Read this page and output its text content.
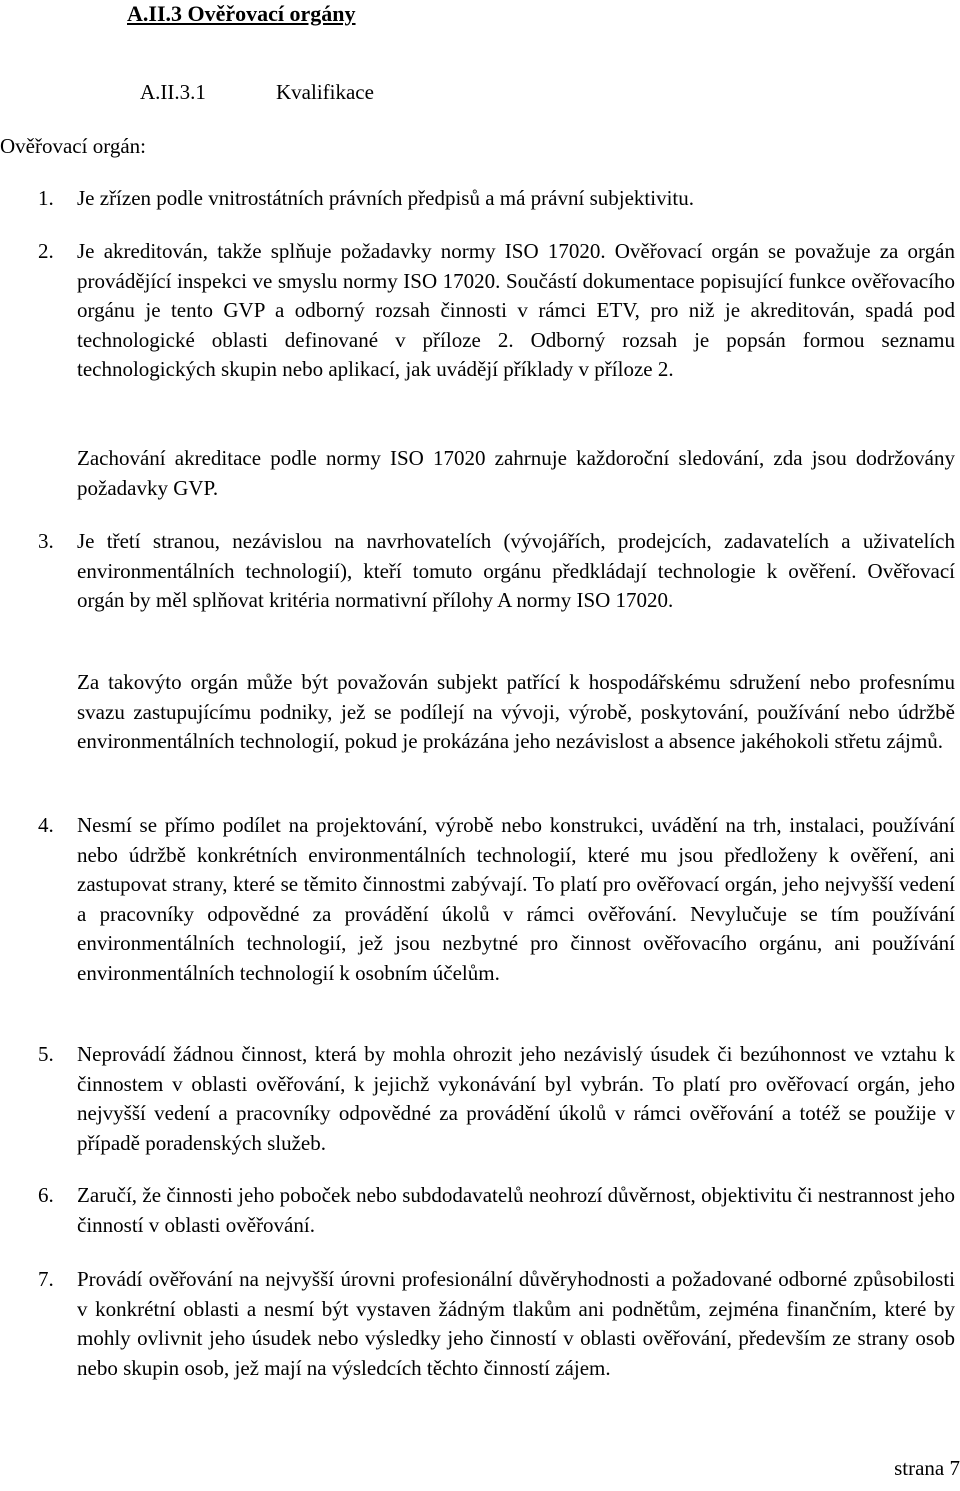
A.II.3 Ověřovací orgány
A.II.3.1	Kvalifikace
Ověřovací orgán:
1. Je zřízen podle vnitrostátních právních předpisů a má právní subjektivitu.
2. Je akreditován, takže splňuje požadavky normy ISO 17020. Ověřovací orgán se považuje za orgán provádějící inspekci ve smyslu normy ISO 17020. Součástí dokumentace popisující funkce ověřovacího orgánu je tento GVP a odborný rozsah činnosti v rámci ETV, pro niž je akreditován, spadá pod technologické oblasti definované v příloze 2. Odborný rozsah je popsán formou seznamu technologických skupin nebo aplikací, jak uvádějí příklady v příloze 2.
Zachování akreditace podle normy ISO 17020 zahrnuje každoroční sledování, zda jsou dodržovány požadavky GVP.
3. Je třetí stranou, nezávislou na navrhovatelích (vývojářích, prodejcích, zadavatelích a uživatelích environmentálních technologií), kteří tomuto orgánu předkládají technologie k ověření. Ověřovací orgán by měl splňovat kritéria normativní přílohy A normy ISO 17020.
Za takovýto orgán může být považován subjekt patřící k hospodářskému sdružení nebo profesnímu svazu zastupujícímu podniky, jež se podílejí na vývoji, výrobě, poskytování, používání nebo údržbě environmentálních technologií, pokud je prokázána jeho nezávislost a absence jakéhokoli střetu zájmů.
4. Nesmí se přímo podílet na projektování, výrobě nebo konstrukci, uvádění na trh, instalaci, používání nebo údržbě konkrétních environmentálních technologií, které mu jsou předloženy k ověření, ani zastupovat strany, které se těmito činnostmi zabývají. To platí pro ověřovací orgán, jeho nejvyšší vedení a pracovníky odpovědné za provádění úkolů v rámci ověřování. Nevylučuje se tím používání environmentálních technologií, jež jsou nezbytné pro činnost ověřovacího orgánu, ani používání environmentálních technologií k osobním účelům.
5. Neprovádí žádnou činnost, která by mohla ohrozit jeho nezávislý úsudek či bezúhonnost ve vztahu k činnostem v oblasti ověřování, k jejichž vykonávání byl vybrán. To platí pro ověřovací orgán, jeho nejvyšší vedení a pracovníky odpovědné za provádění úkolů v rámci ověřování a totéž se použije v případě poradenských služeb.
6. Zaručí, že činnosti jeho poboček nebo subdodavatelů neohrozí důvěrnost, objektivitu či nestrannost jeho činností v oblasti ověřování.
7. Provádí ověřování na nejvyšší úrovni profesionální důvěryhodnosti a požadované odborné způsobilosti v konkrétní oblasti a nesmí být vystaven žádným tlakům ani podnětům, zejména finančním, které by mohly ovlivnit jeho úsudek nebo výsledky jeho činností v oblasti ověřování, především ze strany osob nebo skupin osob, jež mají na výsledcích těchto činností zájem.
strana 7
